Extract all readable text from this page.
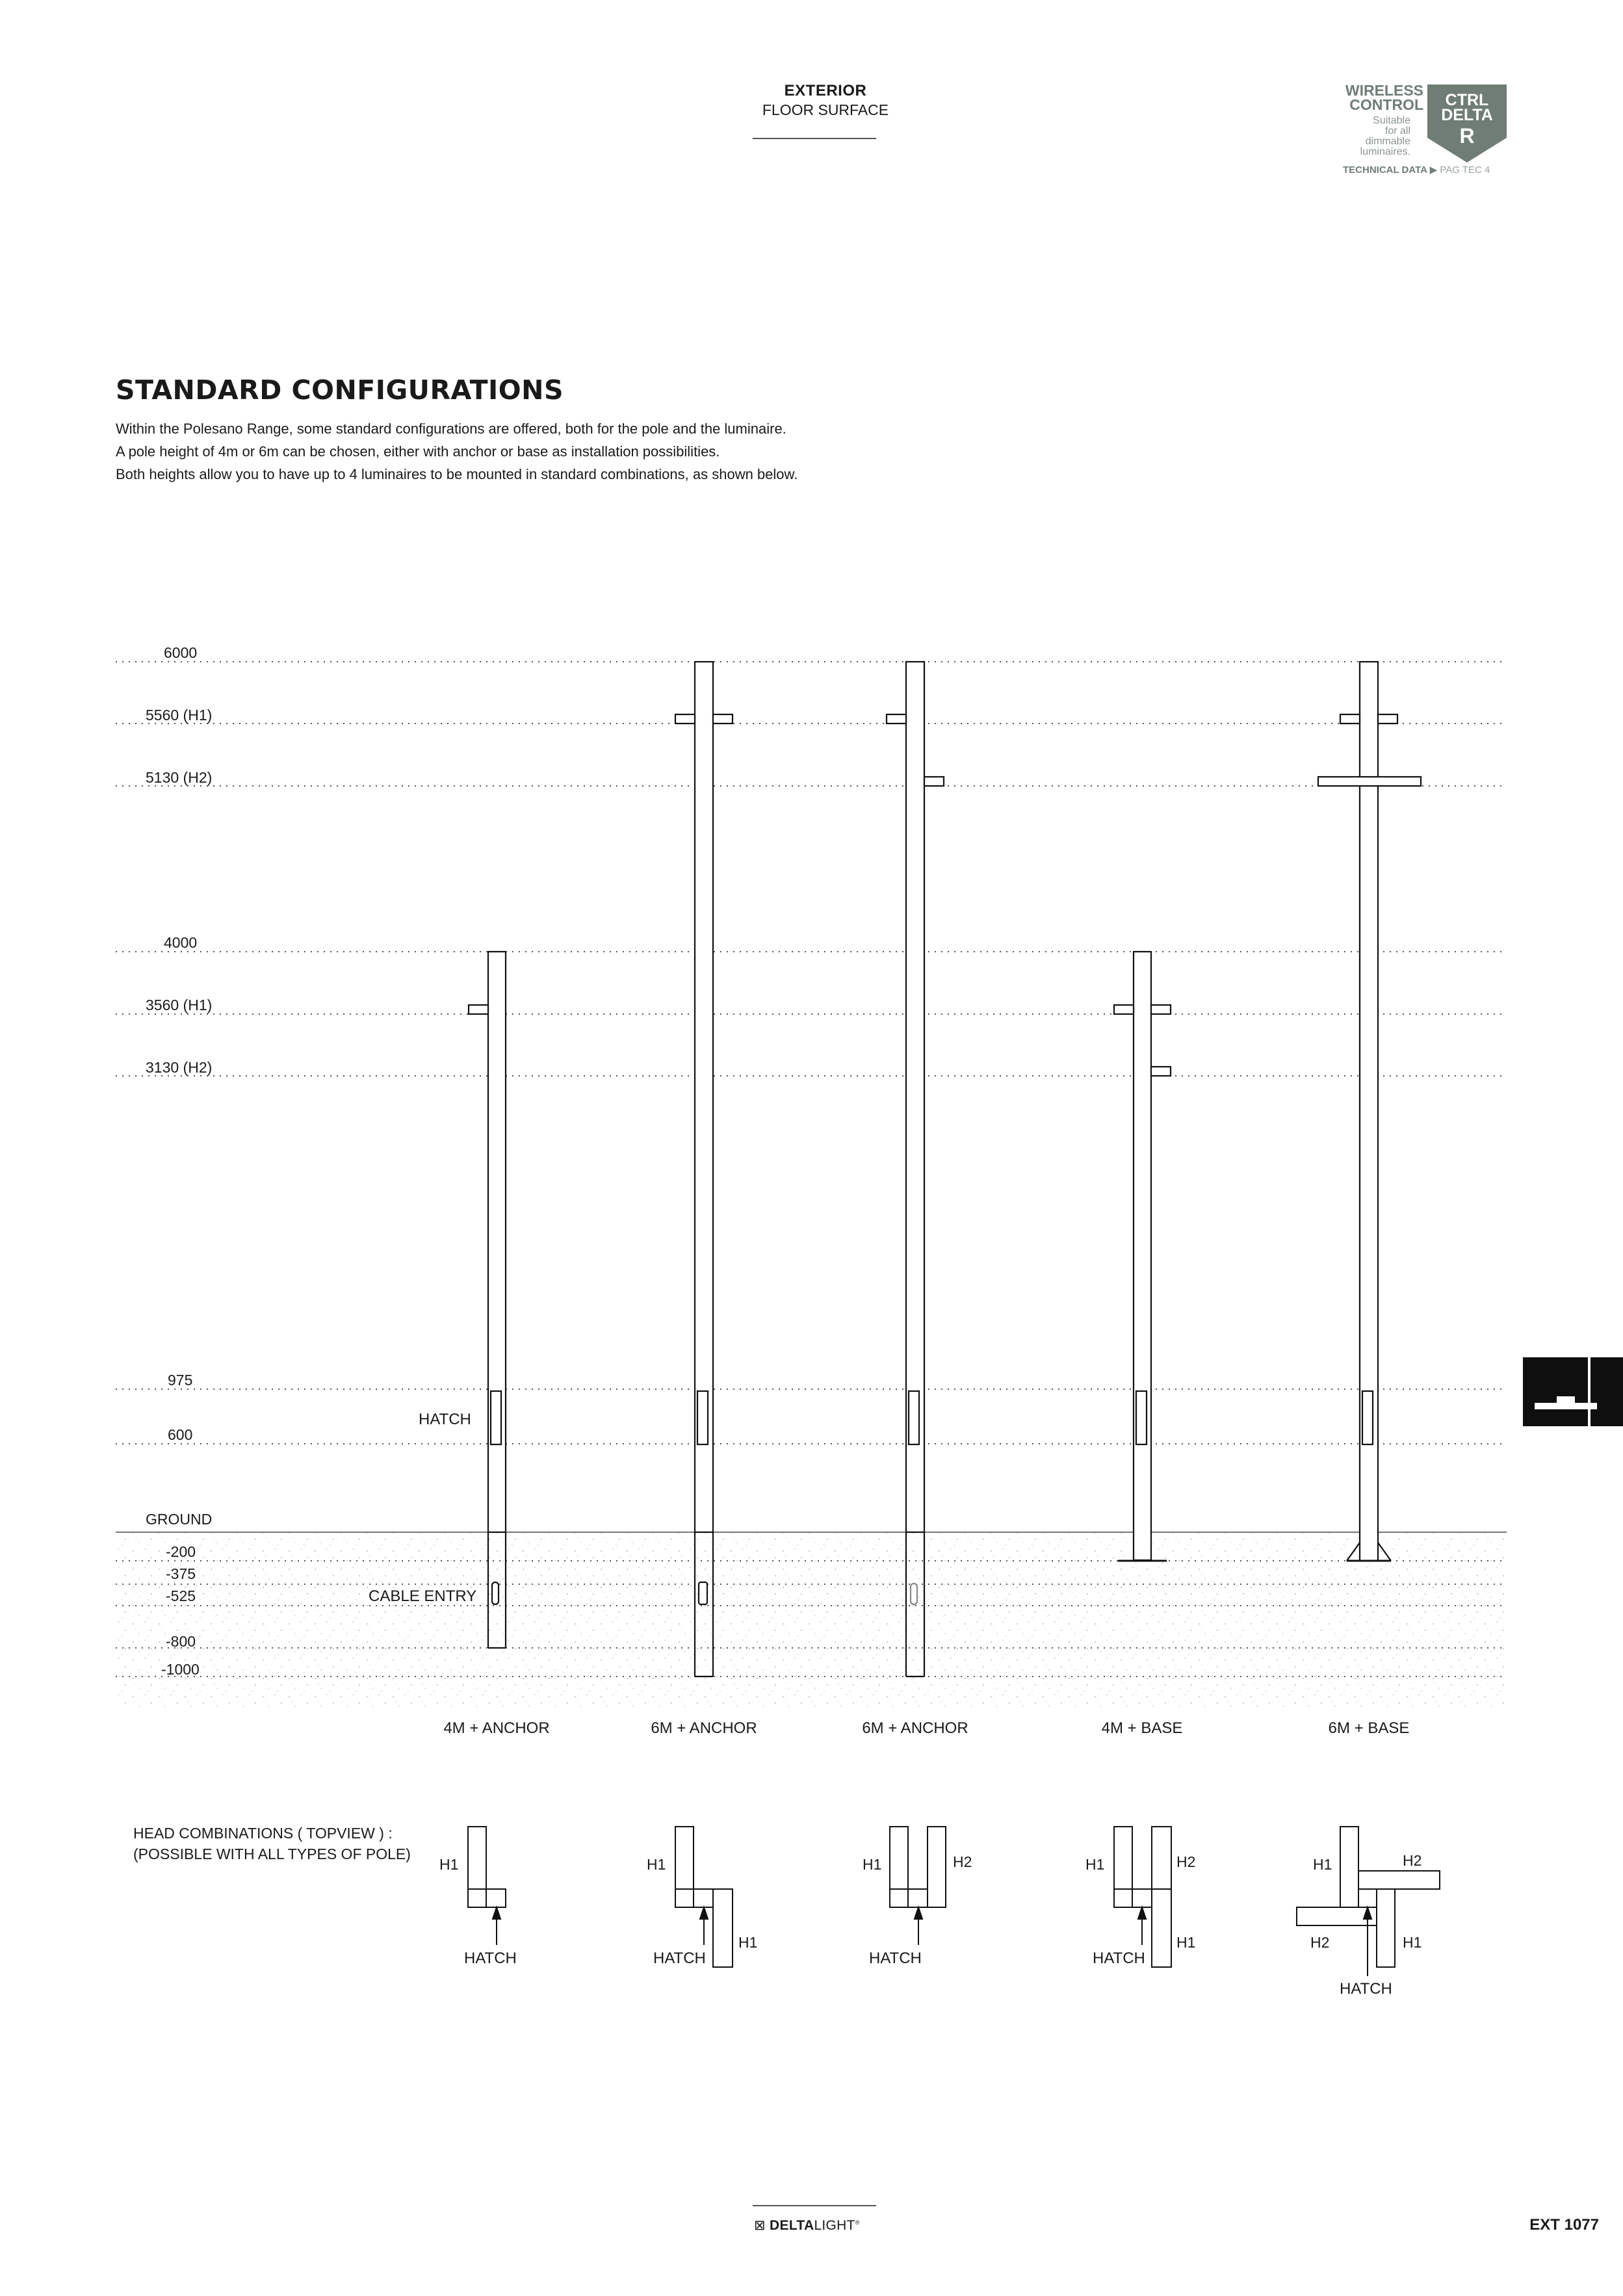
EXTERIOR
FLOOR SURFACE
WIRELESS
CONTROL
Suitable
for all
dimmable
luminaires.
CTRL
DELTA
R
TECHNICAL DATA ▶ PAG TEC 4
STANDARD CONFIGURATIONS
Within the Polesano Range, some standard configurations are offered, both for the pole and the luminaire.
A pole height of 4m or 6m can be chosen, either with anchor or base as installation possibilities.
Both heights allow you to have up to 4 luminaires to be mounted in standard combinations, as shown below.
6000
5560 (H1)
5130 (H2)
4000
3560 (H1)
3130 (H2)
975
600
GROUND
-200
-375
-525
-800
-1000
HATCH
CABLE ENTRY
4M + ANCHOR	6M + ANCHOR	6M + ANCHOR	4M + BASE	6M + BASE
HEAD COMBINATIONS ( TOPVIEW ) :
(POSSIBLE WITH ALL TYPES OF POLE)
H1
HATCH
H1
H1
HATCH
H1	H2
HATCH
H1	H2
H1
HATCH
H1	H2
H2	H1
HATCH
⊠ DELTALIGHT®	EXT 1077
